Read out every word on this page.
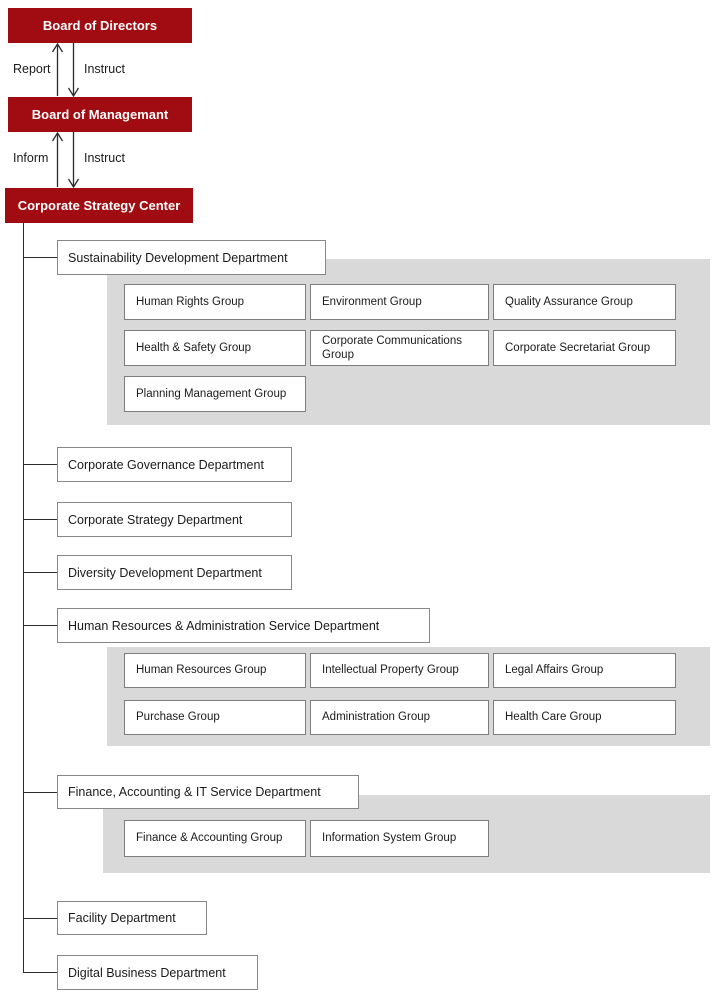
Board of Directors
Report	Instruct
Board of Managemant
Inform	Instruct
Corporate Strategy Center
Sustainability Development Department
Corporate Governance Department
Corporate Strategy Department
Diversity Development Department
Human Resources & Administration Service Department
Finance, Accounting & IT Service Department
Facility Department
Digital Business Department
Human Rights Group	Environment Group	Quality Assurance Group
Health & Safety Group
Corporate Communications Group
Corporate Secretariat Group
Planning Management Group
Human Resources Group	Intellectual Property Group	Legal Affairs Group
Purchase Group	Administration Group	Health Care Group
Finance & Accounting Group	Information System Group
